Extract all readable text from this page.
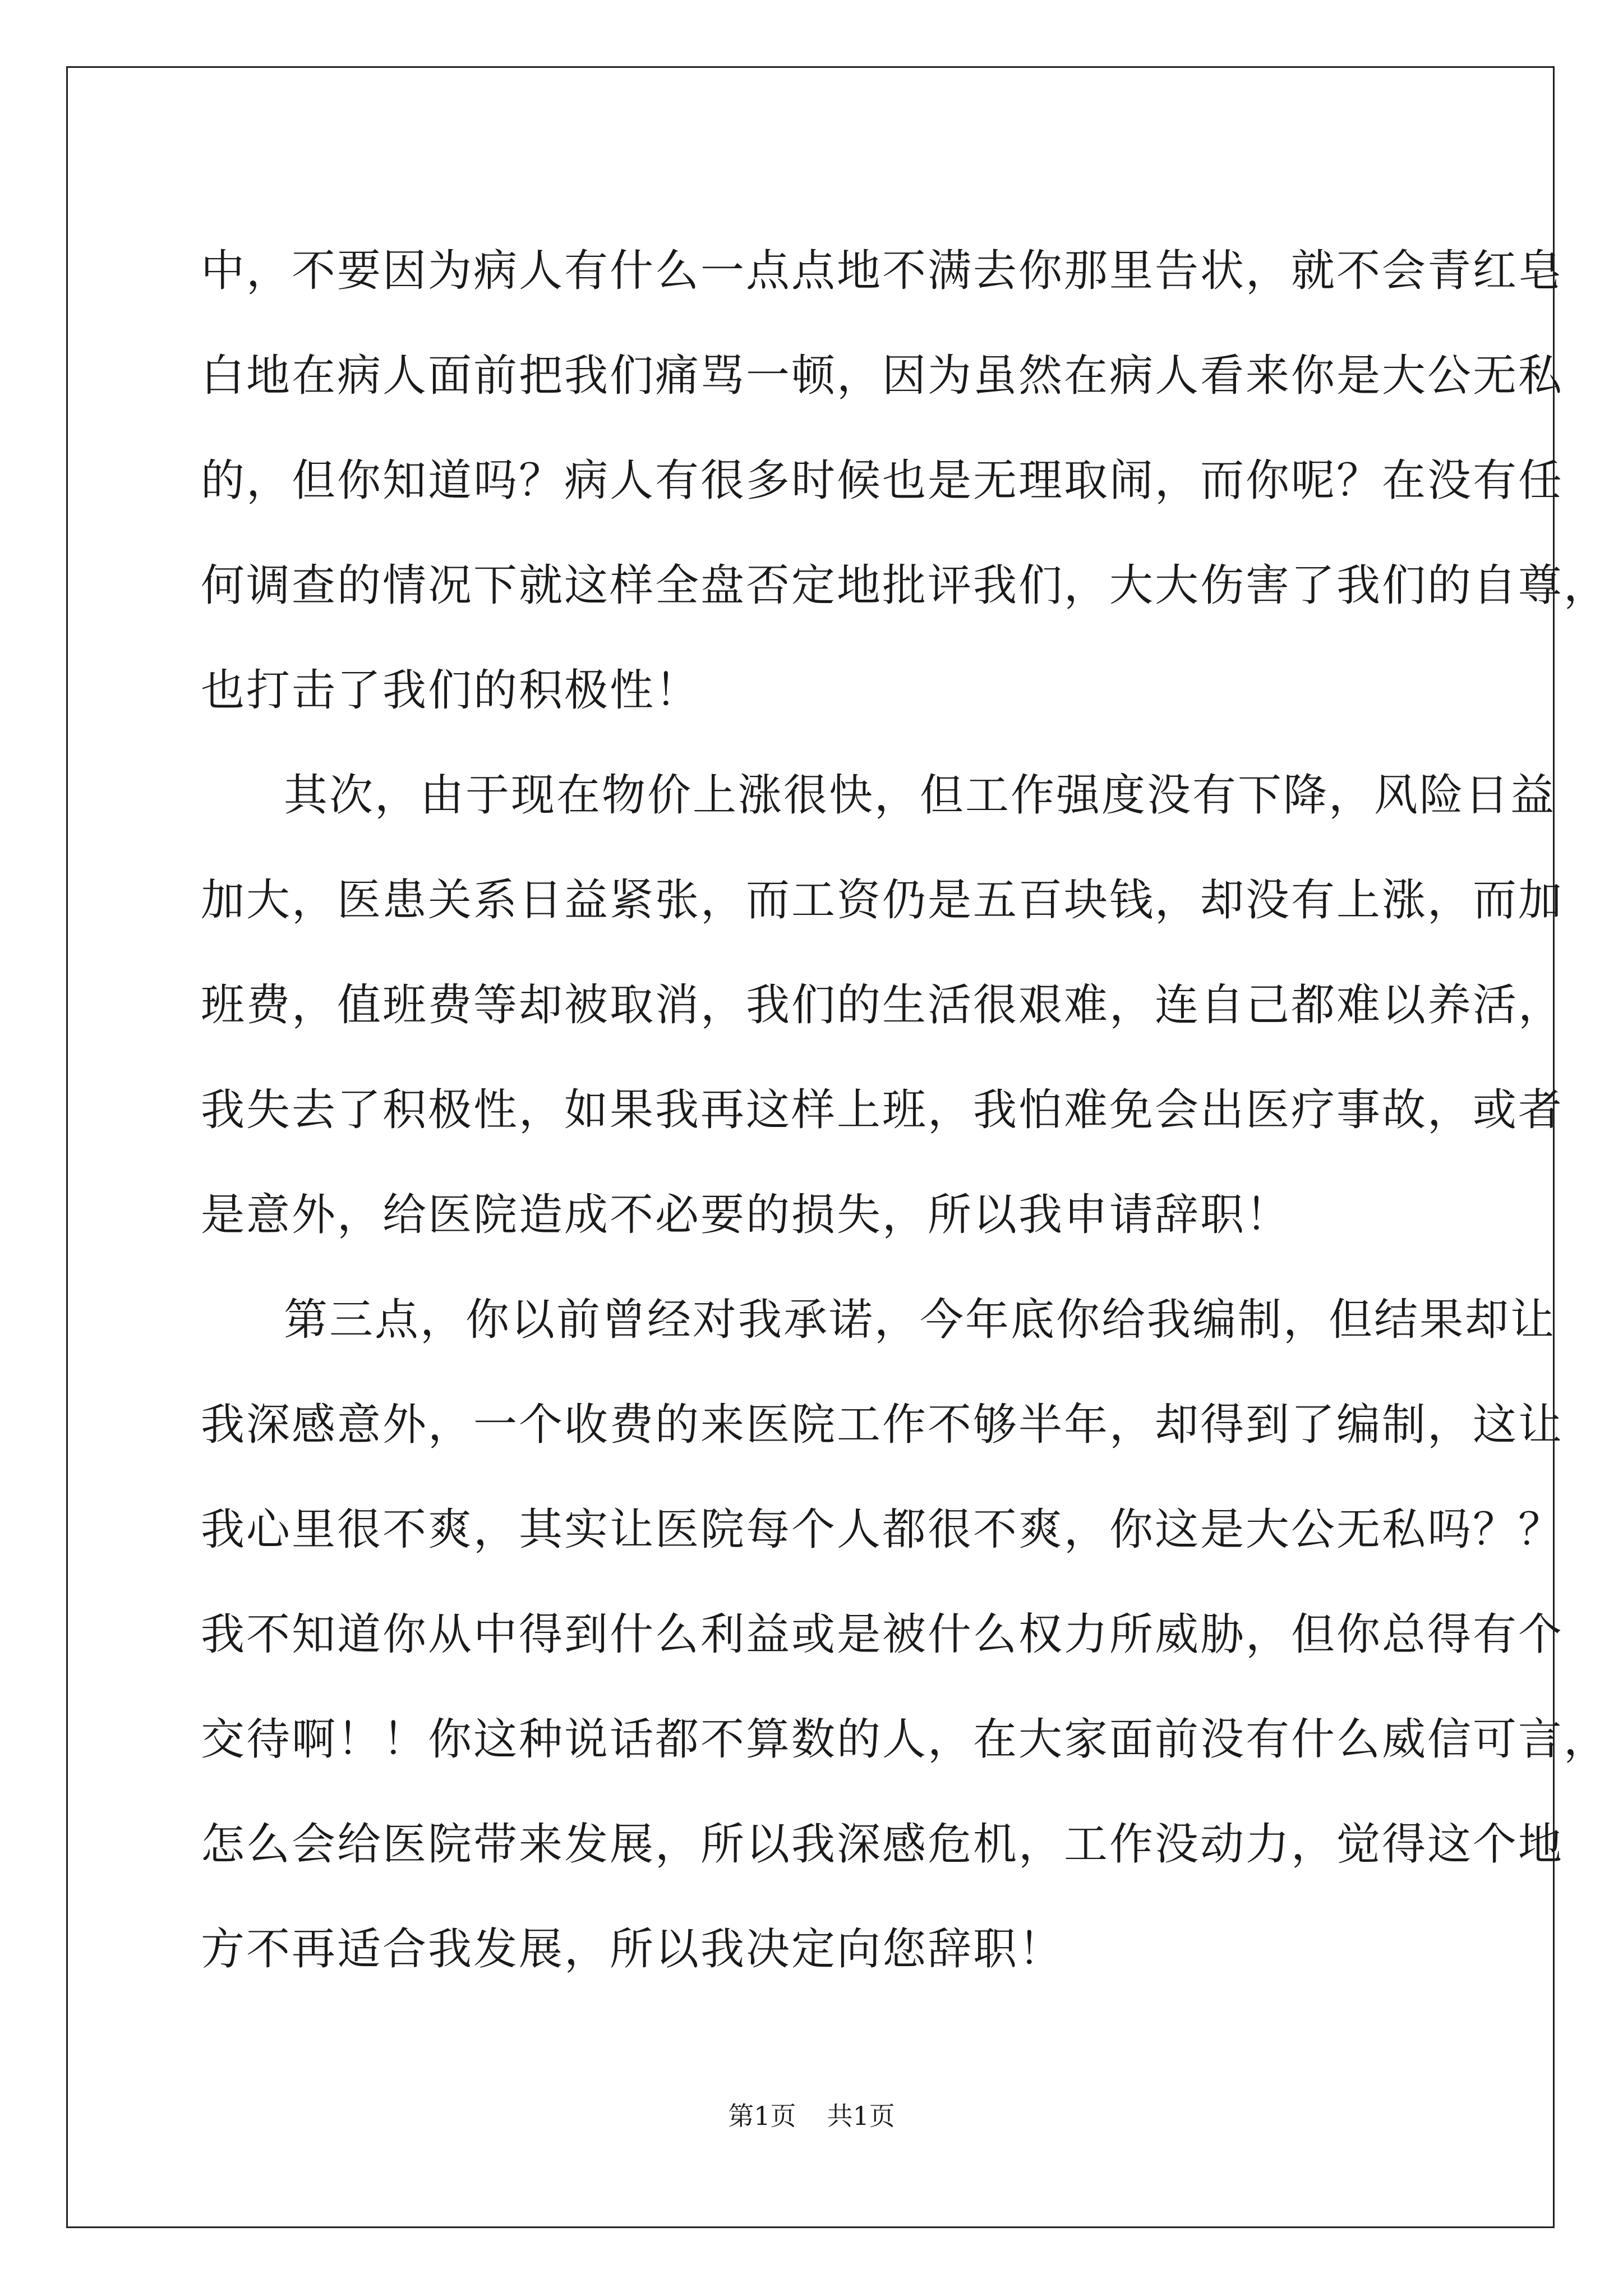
中，不要因为病人有什么一点点地不满去你那里告状，就不会青红皂
白地在病人面前把我们痛骂一顿，因为虽然在病人看来你是大公无私
的，但你知道吗？病人有很多时候也是无理取闹，而你呢？在没有任
何调查的情况下就这样全盘否定地批评我们，大大伤害了我们的自尊，
也打击了我们的积极性！
其次，由于现在物价上涨很快，但工作强度没有下降，风险日益
加大，医患关系日益紧张，而工资仍是五百块钱，却没有上涨，而加
班费，值班费等却被取消，我们的生活很艰难，连自己都难以养活，
我失去了积极性，如果我再这样上班，我怕难免会出医疗事故，或者
是意外，给医院造成不必要的损失，所以我申请辞职！
第三点，你以前曾经对我承诺，今年底你给我编制，但结果却让
我深感意外，一个收费的来医院工作不够半年，却得到了编制，这让
我心里很不爽，其实让医院每个人都很不爽，你这是大公无私吗？？
我不知道你从中得到什么利益或是被什么权力所威胁，但你总得有个
交待啊！！你这种说话都不算数的人，在大家面前没有什么威信可言，
怎么会给医院带来发展，所以我深感危机，工作没动力，觉得这个地
方不再适合我发展，所以我决定向您辞职！
第1页 共1页
